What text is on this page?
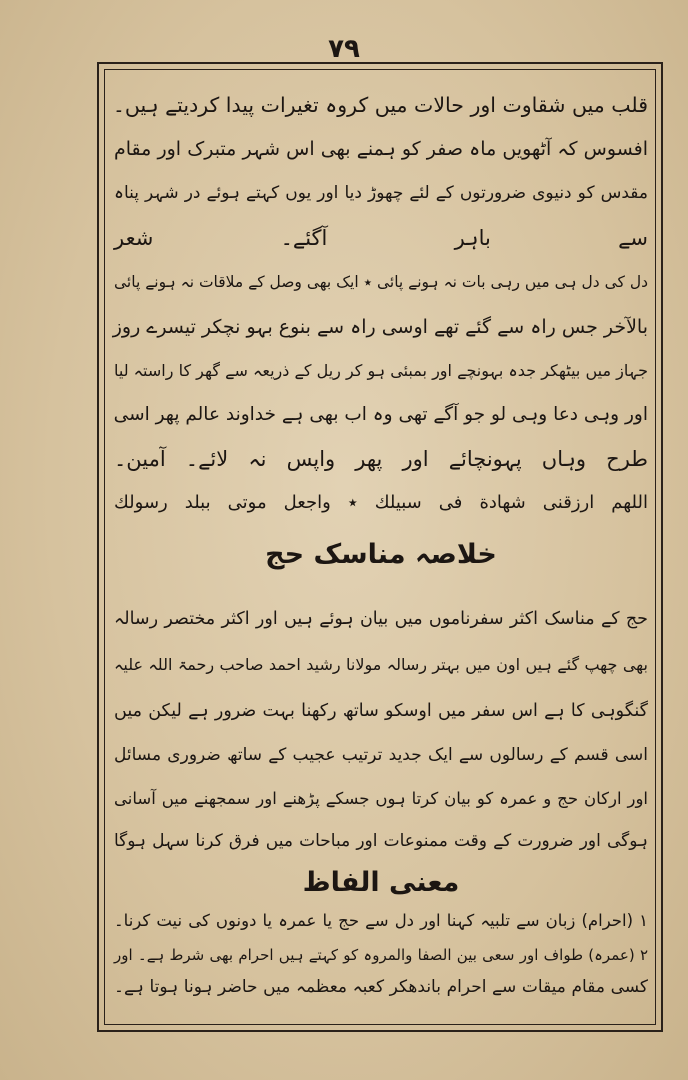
۷۹
قلب میں شقاوت اور حالات میں کروہ تغیرات پیدا کردیتے ہیں۔
افسوس کہ آٹھویں ماہ صفر کو ہمنے بھی اس شہر متبرک اور مقام
مقدس کو دنیوی ضرورتوں کے لئے چھوڑ دیا اور یوں کہتے ہوئے در شہر پناہ
سے باہر آگئے۔ شعر
دل کی دل ہی میں رہی بات نہ ہونے پائی ٭ ایک بھی وصل کے ملاقات نہ ہونے پائی
بالآخر جس راہ سے گئے تھے اوسی راہ سے بنوع بہو نچکر تیسرے روز
جہاز میں بیٹھکر جدہ بہونچے اور بمبئی ہو کر ریل کے ذریعہ سے گھر کا راستہ لیا
اور وہی دعا وہی لو جو آگے تھی وہ اب بھی ہے خداوند عالم پھر اسی
طرح وہاں پہونچائے اور پھر واپس نہ لائے۔ آمین۔
اللهم ارزقنی شهادة فی سبیلك ٭ واجعل موتی ببلد رسولك
خلاصہ مناسک حج
حج کے مناسک اکثر سفرناموں میں بیان ہوئے ہیں اور اکثر مختصر رسالہ
بھی چھپ گئے ہیں اون میں بہتر رسالہ مولانا رشید احمد صاحب رحمۃ اللہ علیہ
گنگوہی کا ہے اس سفر میں اوسکو ساتھ رکھنا بہت ضرور ہے لیکن میں
اسی قسم کے رسالوں سے ایک جدید ترتیب عجیب کے ساتھ ضروری مسائل
اور ارکان حج و عمرہ کو بیان کرتا ہوں جسکے پڑھنے اور سمجھنے میں آسانی
ہوگی اور ضرورت کے وقت ممنوعات اور مباحات میں فرق کرنا سہل ہوگا
معنی الفاظ
۱ (احرام) زبان سے تلبیہ کہنا اور دل سے حج یا عمرہ یا دونوں کی نیت کرنا۔
۲ (عمرہ) طواف اور سعی بین الصفا والمروہ کو کہتے ہیں احرام بھی شرط ہے۔ اور
کسی مقام میقات سے احرام باندھکر کعبہ معظمہ میں حاضر ہونا ہوتا ہے۔
